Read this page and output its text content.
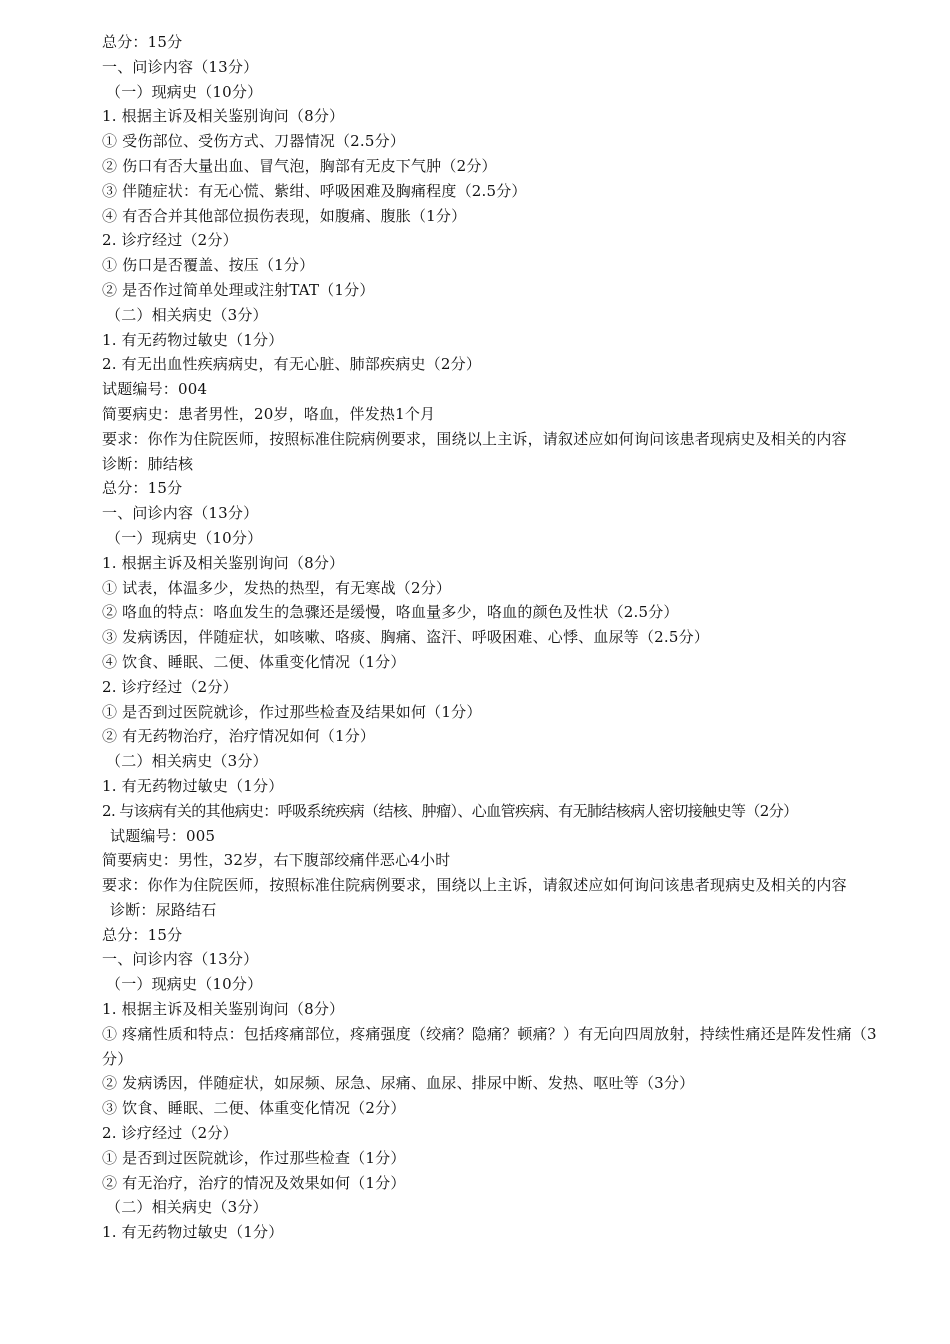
总分：15分
一、问诊内容（13分）
（一）现病史（10分）
1. 根据主诉及相关鉴别询问（8分）
① 受伤部位、受伤方式、刀器情况（2.5分）
② 伤口有否大量出血、冒气泡，胸部有无皮下气肿（2分）
③ 伴随症状：有无心慌、紫绀、呼吸困难及胸痛程度（2.5分）
④ 有否合并其他部位损伤表现，如腹痛、腹胀（1分）
2. 诊疗经过（2分）
① 伤口是否覆盖、按压（1分）
② 是否作过简单处理或注射TAT（1分）
（二）相关病史（3分）
1. 有无药物过敏史（1分）
2. 有无出血性疾病病史，有无心脏、肺部疾病史（2分）
试题编号：004
简要病史：患者男性，20岁，咯血，伴发热1个月
要求：你作为住院医师，按照标准住院病例要求，围绕以上主诉，请叙述应如何询问该患者现病史及相关的内容
诊断：肺结核
总分：15分
一、问诊内容（13分）
（一）现病史（10分）
1. 根据主诉及相关鉴别询问（8分）
① 试表，体温多少，发热的热型，有无寒战（2分）
② 咯血的特点：咯血发生的急骤还是缓慢，咯血量多少，咯血的颜色及性状（2.5分）
③ 发病诱因，伴随症状，如咳嗽、咯痰、胸痛、盗汗、呼吸困难、心悸、血尿等（2.5分）
④ 饮食、睡眠、二便、体重变化情况（1分）
2. 诊疗经过（2分）
① 是否到过医院就诊，作过那些检查及结果如何（1分）
② 有无药物治疗，治疗情况如何（1分）
（二）相关病史（3分）
1. 有无药物过敏史（1分）
2. 与该病有关的其他病史：呼吸系统疾病（结核、肿瘤）、心血管疾病、有无肺结核病人密切接触史等（2分）
试题编号：005
简要病史：男性，32岁，右下腹部绞痛伴恶心4小时
要求：你作为住院医师，按照标准住院病例要求，围绕以上主诉，请叙述应如何询问该患者现病史及相关的内容
诊断：尿路结石
总分：15分
一、问诊内容（13分）
（一）现病史（10分）
1. 根据主诉及相关鉴别询问（8分）
① 疼痛性质和特点：包括疼痛部位，疼痛强度（绞痛？隐痛？顿痛？）有无向四周放射，持续性痛还是阵发性痛（3分）
② 发病诱因，伴随症状，如尿频、尿急、尿痛、血尿、排尿中断、发热、呕吐等（3分）
③ 饮食、睡眠、二便、体重变化情况（2分）
2. 诊疗经过（2分）
① 是否到过医院就诊，作过那些检查（1分）
② 有无治疗，治疗的情况及效果如何（1分）
（二）相关病史（3分）
1. 有无药物过敏史（1分）
